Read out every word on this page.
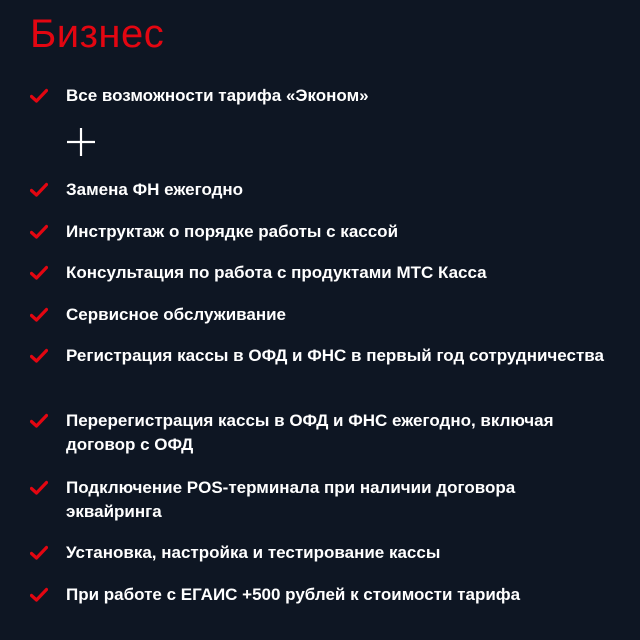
Бизнес
Все возможности тарифа «Эконом»
Замена ФН ежегодно
Инструктаж о порядке работы с кассой
Консультация по работа с продуктами МТС Касса
Сервисное обслуживание
Регистрация кассы в ОФД и ФНС в первый год сотрудничества
Перерегистрация кассы в ОФД и ФНС ежегодно, включая договор с ОФД
Подключение POS-терминала при наличии договора эквайринга
Установка, настройка и тестирование кассы
При работе с ЕГАИС +500 рублей к стоимости тарифа
